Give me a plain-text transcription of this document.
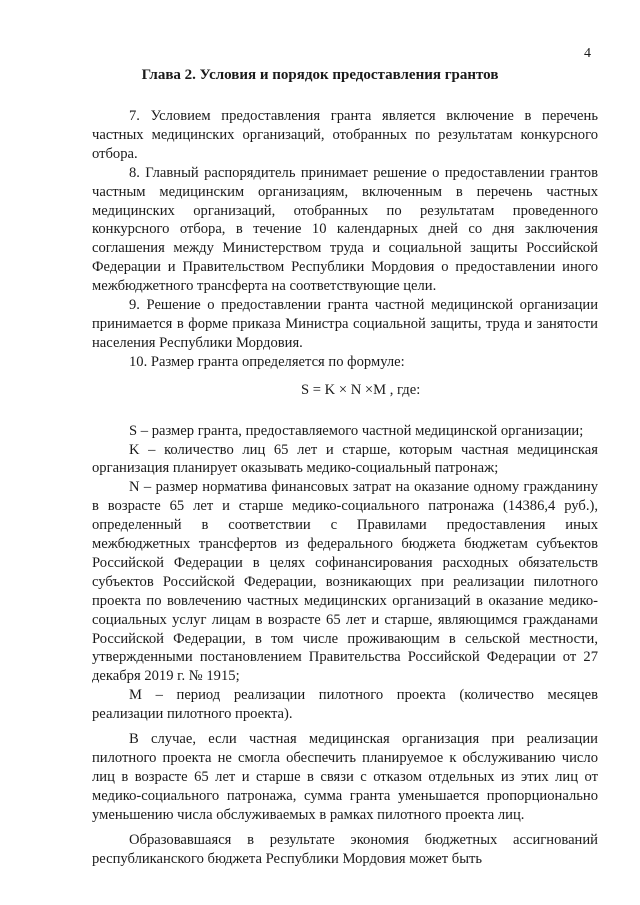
4
Глава 2. Условия и порядок предоставления грантов

7. Условием предоставления гранта является включение в перечень частных медицинских организаций, отобранных по результатам конкурсного отбора.

8. Главный распорядитель принимает решение о предоставлении грантов частным медицинским организациям, включенным в перечень частных медицинских организаций, отобранных по результатам проведенного конкурсного отбора, в течение 10 календарных дней со дня заключения соглашения между Министерством труда и социальной защиты Российской Федерации и Правительством Республики Мордовия о предоставлении иного межбюджетного трансферта на соответствующие цели.

9. Решение о предоставлении гранта частной медицинской организации принимается в форме приказа Министра социальной защиты, труда и занятости населения Республики Мордовия.

10. Размер гранта определяется по формуле:

S = K × N ×M , где:

S – размер гранта, предоставляемого частной медицинской организации;

K – количество лиц 65 лет и старше, которым частная медицинская организация планирует оказывать медико-социальный патронаж;

N – размер норматива финансовых затрат на оказание одному гражданину в возрасте 65 лет и старше медико-социального патронажа (14386,4 руб.), определенный в соответствии с Правилами предоставления иных межбюджетных трансфертов из федерального бюджета бюджетам субъектов Российской Федерации в целях софинансирования расходных обязательств субъектов Российской Федерации, возникающих при реализации пилотного проекта по вовлечению частных медицинских организаций в оказание медико-социальных услуг лицам в возрасте 65 лет и старше, являющимся гражданами Российской Федерации, в том числе проживающим в сельской местности, утвержденными постановлением Правительства Российской Федерации от 27 декабря 2019 г. № 1915;

M – период реализации пилотного проекта (количество месяцев реализации пилотного проекта).

В случае, если частная медицинская организация при реализации пилотного проекта не смогла обеспечить планируемое к обслуживанию число лиц в возрасте 65 лет и старше в связи с отказом отдельных из этих лиц от медико-социального патронажа, сумма гранта уменьшается пропорционально уменьшению числа обслуживаемых в рамках пилотного проекта лиц.

Образовавшаяся в результате экономия бюджетных ассигнований республиканского бюджета Республики Мордовия может быть
